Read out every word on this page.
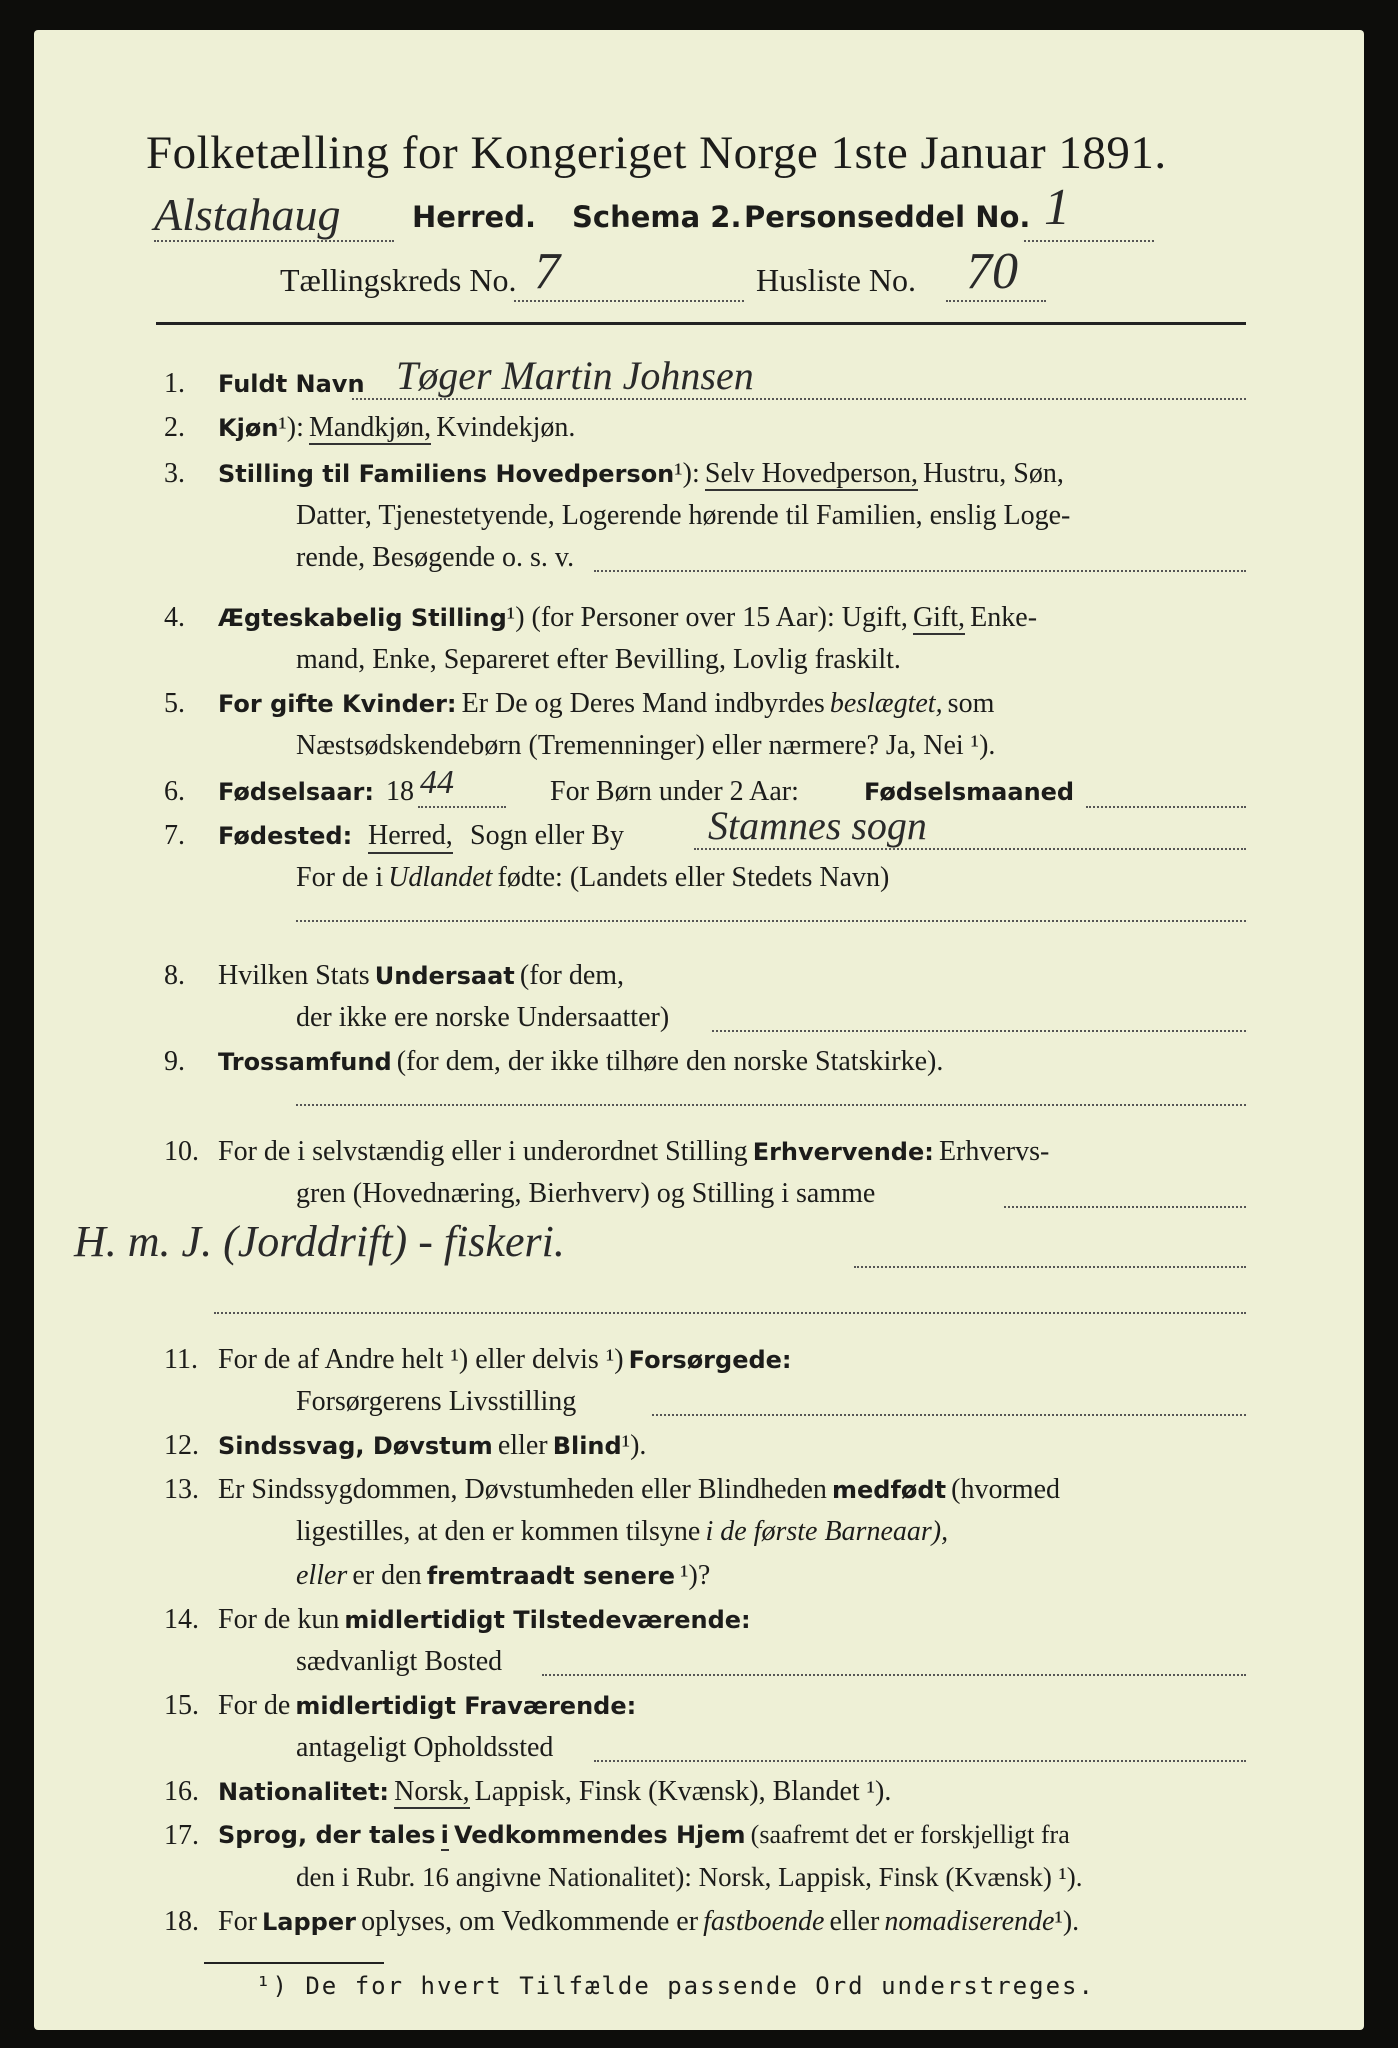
Folketælling for Kongeriget Norge 1ste Januar 1891.
Alstahaug Herred. Schema 2. Personseddel No. 1
Tællingskreds No. 7	Husliste No. 70
1. Fuldt Navn Tøger Martin Johnsen
2. Kjøn¹): Mandkjøn, Kvindekjøn.
3. Stilling til Familiens Hovedperson¹): Selv Hovedperson, Hustru, Søn,
Datter, Tjenestetyende, Logerende hørende til Familien, enslig Loge-
rende, Besøgende o. s. v.
4. Ægteskabelig Stilling¹) (for Personer over 15 Aar): Ugift, Gift, Enke-
mand, Enke, Separeret efter Bevilling, Lovlig fraskilt.
5. For gifte Kvinder: Er De og Deres Mand indbyrdes beslægtet, som
Næstsødskendebørn (Tremenninger) eller nærmere? Ja, Nei ¹).
6. Fødselsaar: 18 44	For Børn under 2 Aar:	Fødselsmaaned
7. Fødested: Herred, Sogn eller By Stamnes sogn
For de i Udlandet fødte: (Landets eller Stedets Navn)
8. Hvilken Stats Undersaat (for dem,
der ikke ere norske Undersaatter)
9. Trossamfund (for dem, der ikke tilhøre den norske Statskirke).
10. For de i selvstændig eller i underordnet Stilling Erhvervende: Erhvervs-
gren (Hovednæring, Bierhverv) og Stilling i samme
H. m. J. (Jorddrift) - fiskeri.
11. For de af Andre helt ¹) eller delvis ¹) Forsørgede:
Forsørgerens Livsstilling
12. Sindssvag, Døvstum eller Blind¹).
13. Er Sindssygdommen, Døvstumheden eller Blindheden medfødt (hvormed
ligestilles, at den er kommen tilsyne i de første Barneaar),
eller er den fremtraadt senere ¹)?
14. For de kun midlertidigt Tilstedeværende:
sædvanligt Bosted
15. For de midlertidigt Fraværende:
antageligt Opholdssted
16. Nationalitet: Norsk, Lappisk, Finsk (Kvænsk), Blandet ¹).
17. Sprog, der tales i Vedkommendes Hjem (saafremt det er forskjelligt fra
den i Rubr. 16 angivne Nationalitet): Norsk, Lappisk, Finsk (Kvænsk) ¹).
18. For Lapper oplyses, om Vedkommende er fastboende eller nomadiserende¹).
¹) De for hvert Tilfælde passende Ord understreges.
